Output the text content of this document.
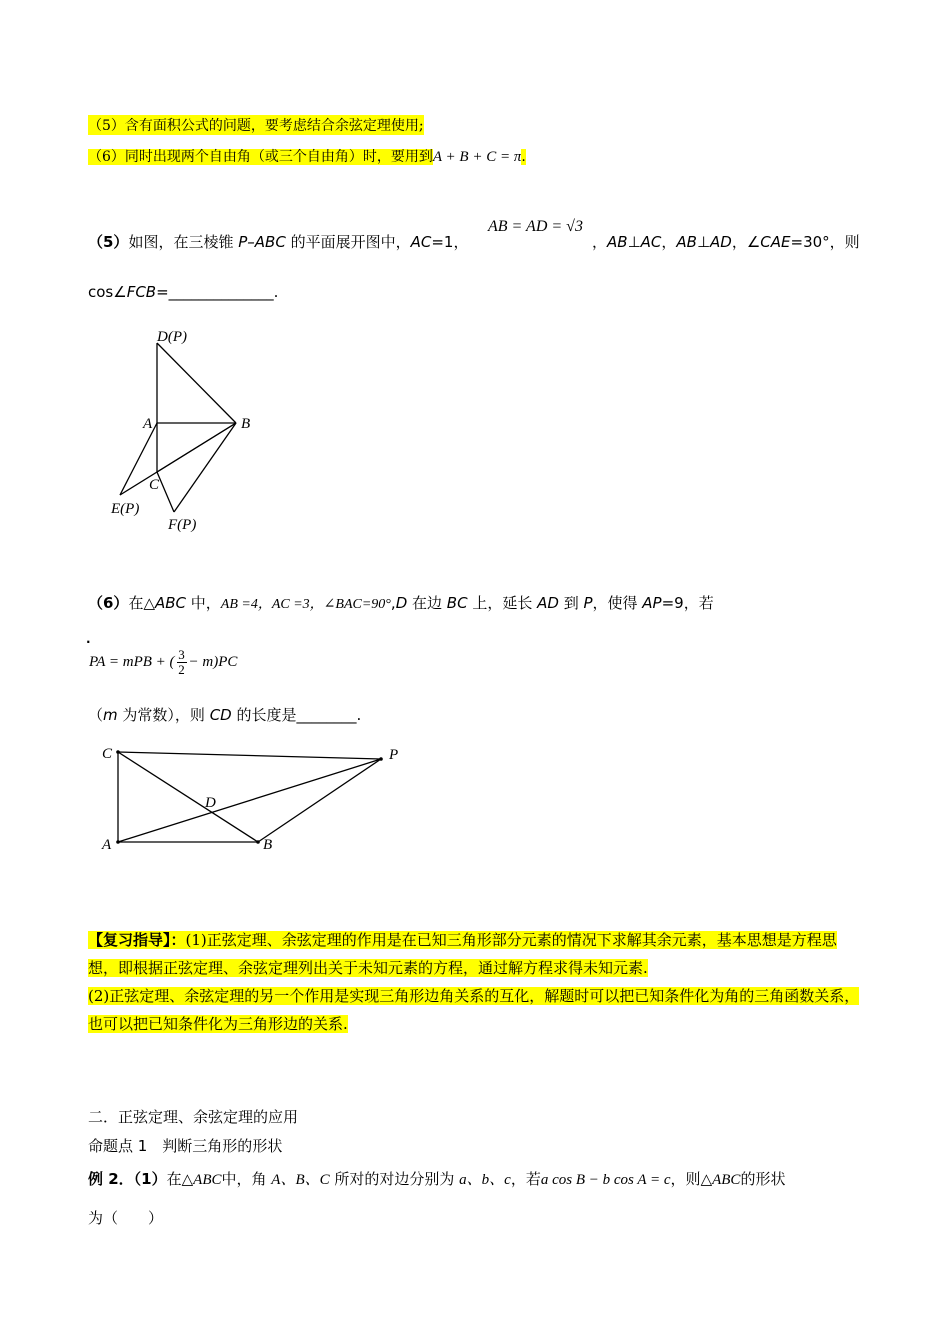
（5）含有面积公式的问题，要考虑结合余弦定理使用;
（6）同时出现两个自由角（或三个自由角）时，要用到A + B + C = π.
（5）如图，在三棱锥 P–ABC 的平面展开图中，AC=1，
AB = AD = √3
，AB⊥AC，AB⊥AD，∠CAE=30°，则
cos∠FCB=______________.
D(P)
A	B
C
E(P)
F(P)
C	P
D
A	B
（6）在△ABC 中，AB =4，AC =3，∠BAC=90°,D 在边 BC 上，延长 AD 到 P，使得 AP=9，若
.
PA = mPB + ( $\frac{3}{2} - m)PC$
（m 为常数），则 CD 的长度是________.
【复习指导】：(1)正弦定理、余弦定理的作用是在已知三角形部分元素的情况下求解其余元素，基本思想是方程思想，即根据正弦定理、余弦定理列出关于未知元素的方程，通过解方程求得未知元素.
(2)正弦定理、余弦定理的另一个作用是实现三角形边角关系的互化，解题时可以把已知条件化为角的三角函数关系，也可以把已知条件化为三角形边的关系.
二．正弦定理、余弦定理的应用
命题点 1　判断三角形的形状
例 2．（1）在△ABC中，角 A、B、C 所对的对边分别为 a、b、c，若a cos B − b cos A = c，则△ABC的形状
为（　　）
